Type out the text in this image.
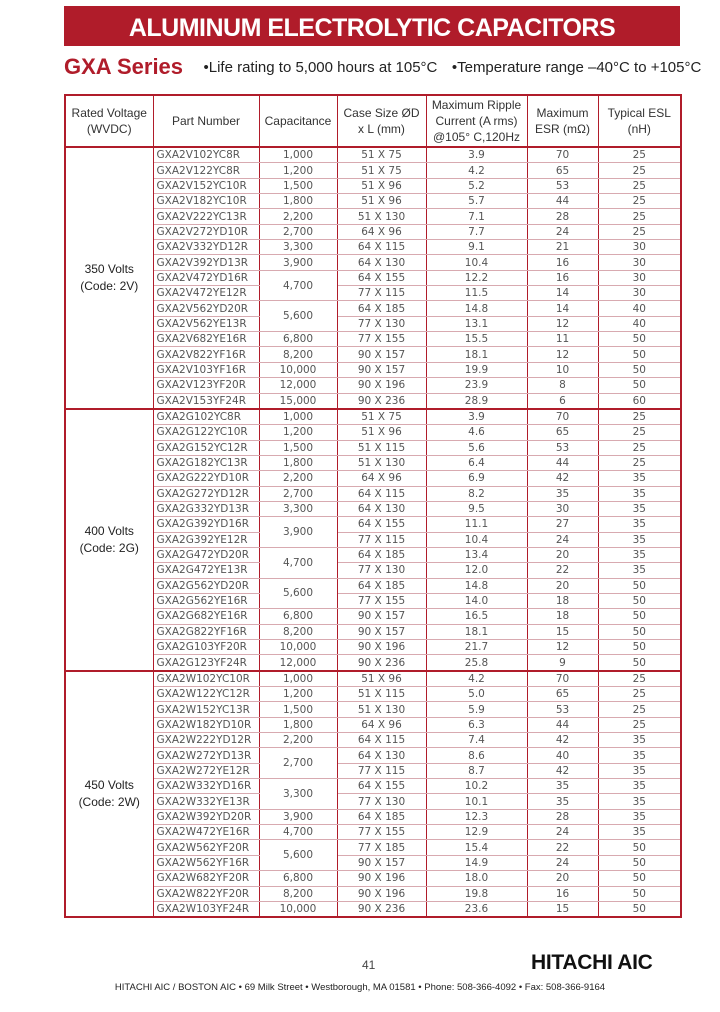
ALUMINUM ELECTROLYTIC CAPACITORS
GXA Series •Life rating to 5,000 hours at 105°C •Temperature range –40°C to +105°C
Rated Voltage (WVDC)	Part Number	Capacitance	Case Size ØD x L (mm)	Maximum Ripple Current (A rms) @105° C,120Hz	Maximum ESR (mΩ)	Typical ESL (nH)

350 Volts
(Code: 2V)	GXA2V102YC8R	1,000	51 X 75	3.9	70	25
	GXA2V122YC8R	1,200	51 X 75	4.2	65	25
	GXA2V152YC10R	1,500	51 X 96	5.2	53	25
	GXA2V182YC10R	1,800	51 X 96	5.7	44	25
	GXA2V222YC13R	2,200	51 X 130	7.1	28	25
	GXA2V272YD10R	2,700	64 X 96	7.7	24	25
	GXA2V332YD12R	3,300	64 X 115	9.1	21	30
	GXA2V392YD13R	3,900	64 X 130	10.4	16	30
	GXA2V472YD16R	4,700	64 X 155	12.2	16	30
	GXA2V472YE12R		77 X 115	11.5	14	30
	GXA2V562YD20R	5,600	64 X 185	14.8	14	40
	GXA2V562YE13R		77 X 130	13.1	12	40
	GXA2V682YE16R	6,800	77 X 155	15.5	11	50
	GXA2V822YF16R	8,200	90 X 157	18.1	12	50
	GXA2V103YF16R	10,000	90 X 157	19.9	10	50
	GXA2V123YF20R	12,000	90 X 196	23.9	8	50
	GXA2V153YF24R	15,000	90 X 236	28.9	6	60

400 Volts
(Code: 2G)	GXA2G102YC8R	1,000	51 X 75	3.9	70	25
	GXA2G122YC10R	1,200	51 X 96	4.6	65	25
	GXA2G152YC12R	1,500	51 X 115	5.6	53	25
	GXA2G182YC13R	1,800	51 X 130	6.4	44	25
	GXA2G222YD10R	2,200	64 X 96	6.9	42	35
	GXA2G272YD12R	2,700	64 X 115	8.2	35	35
	GXA2G332YD13R	3,300	64 X 130	9.5	30	35
	GXA2G392YD16R	3,900	64 X 155	11.1	27	35
	GXA2G392YE12R		77 X 115	10.4	24	35
	GXA2G472YD20R	4,700	64 X 185	13.4	20	35
	GXA2G472YE13R		77 X 130	12.0	22	35
	GXA2G562YD20R	5,600	64 X 185	14.8	20	50
	GXA2G562YE16R		77 X 155	14.0	18	50
	GXA2G682YE16R	6,800	90 X 157	16.5	18	50
	GXA2G822YF16R	8,200	90 X 157	18.1	15	50
	GXA2G103YF20R	10,000	90 X 196	21.7	12	50
	GXA2G123YF24R	12,000	90 X 236	25.8	9	50

450 Volts
(Code: 2W)	GXA2W102YC10R	1,000	51 X 96	4.2	70	25
	GXA2W122YC12R	1,200	51 X 115	5.0	65	25
	GXA2W152YC13R	1,500	51 X 130	5.9	53	25
	GXA2W182YD10R	1,800	64 X 96	6.3	44	25
	GXA2W222YD12R	2,200	64 X 115	7.4	42	35
	GXA2W272YD13R	2,700	64 X 130	8.6	40	35
	GXA2W272YE12R		77 X 115	8.7	42	35
	GXA2W332YD16R	3,300	64 X 155	10.2	35	35
	GXA2W332YE13R		77 X 130	10.1	35	35
	GXA2W392YD20R	3,900	64 X 185	12.3	28	35
	GXA2W472YE16R	4,700	77 X 155	12.9	24	35
	GXA2W562YF20R	5,600	77 X 185	15.4	22	50
	GXA2W562YF16R		90 X 157	14.9	24	50
	GXA2W682YF20R	6,800	90 X 196	18.0	20	50
	GXA2W822YF20R	8,200	90 X 196	19.8	16	50
	GXA2W103YF24R	10,000	90 X 236	23.6	15	50
41	HITACHI AIC
HITACHI AIC / BOSTON AIC • 69 Milk Street • Westborough, MA 01581 • Phone: 508-366-4092 • Fax: 508-366-9164
